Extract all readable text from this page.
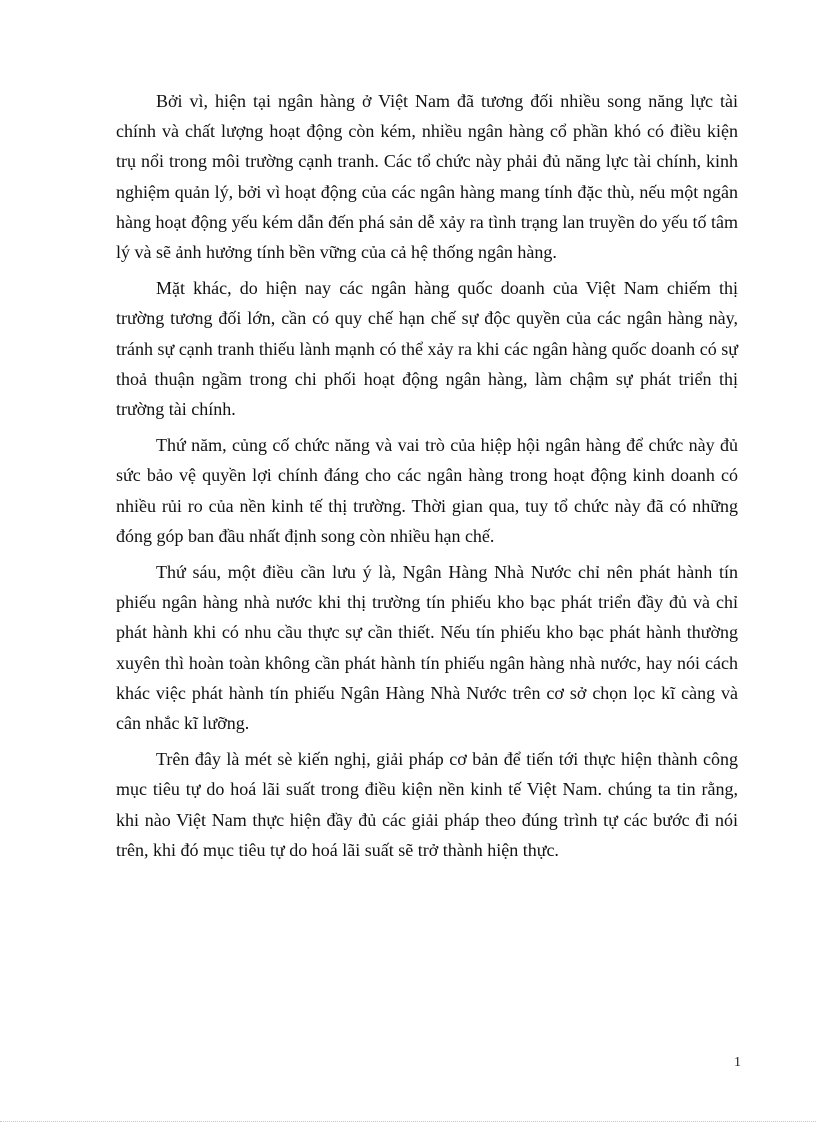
Bởi vì, hiện tại ngân hàng ở Việt Nam đã tương đối nhiều song năng lực tài chính và chất lượng hoạt động còn kém, nhiều ngân hàng cổ phần khó có điều kiện trụ nổi trong môi trường cạnh tranh. Các tổ chức này phải đủ năng lực tài chính, kinh nghiệm quản lý, bởi vì hoạt động của các ngân hàng mang tính đặc thù, nếu một ngân hàng hoạt động yếu kém dẫn đến phá sản dễ xảy ra tình trạng lan truyền do yếu tố tâm lý và sẽ ảnh hưởng tính bền vững của cả hệ thống ngân hàng.

Mặt khác, do hiện nay các ngân hàng quốc doanh của Việt Nam chiếm thị trường tương đối lớn, cần có quy chế hạn chế sự độc quyền của các ngân hàng này, tránh sự cạnh tranh thiếu lành mạnh có thể xảy ra khi các ngân hàng quốc doanh có sự thoả thuận ngầm trong chi phối hoạt động ngân hàng, làm chậm sự phát triển thị trường tài chính.

Thứ năm, củng cố chức năng và vai trò của hiệp hội ngân hàng để chức này đủ sức bảo vệ quyền lợi chính đáng cho các ngân hàng trong hoạt động kinh doanh có nhiều rủi ro của nền kinh tế thị trường. Thời gian qua, tuy tổ chức này đã có những đóng góp ban đầu nhất định song còn nhiều hạn chế.

Thứ sáu, một điều cần lưu ý là, Ngân Hàng Nhà Nước chỉ nên phát hành tín phiếu ngân hàng nhà nước khi thị trường tín phiếu kho bạc phát triển đầy đủ và chỉ phát hành khi có nhu cầu thực sự cần thiết. Nếu tín phiếu kho bạc phát hành thường xuyên thì hoàn toàn không cần phát hành tín phiếu ngân hàng nhà nước, hay nói cách khác việc phát hành tín phiếu Ngân Hàng Nhà Nước trên cơ sở chọn lọc kĩ càng và cân nhắc kĩ lưỡng.

Trên đây là mét sè kiến nghị, giải pháp cơ bản để tiến tới thực hiện thành công mục tiêu tự do hoá lãi suất trong điều kiện nền kinh tế Việt Nam. chúng ta tin rằng, khi nào Việt Nam thực hiện đầy đủ các giải pháp theo đúng trình tự các bước đi nói trên, khi đó mục tiêu tự do hoá lãi suất sẽ trở thành hiện thực.

1
